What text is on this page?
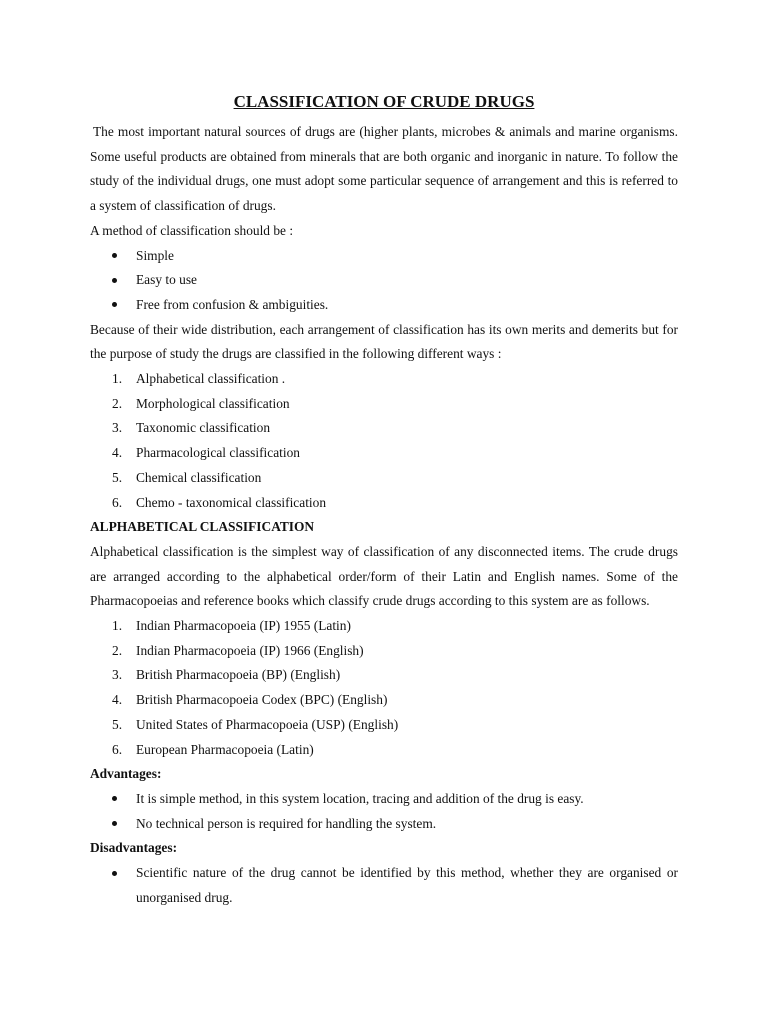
CLASSIFICATION OF CRUDE DRUGS

The most important natural sources of drugs are (higher plants, microbes & animals and marine organisms. Some useful products are obtained from minerals that are both organic and inorganic in nature. To follow the study of the individual drugs, one must adopt some particular sequence of arrangement and this is referred to a system of classification of drugs.

A method of classification should be :

Simple
Easy to use
Free from confusion & ambiguities.

Because of their wide distribution, each arrangement of classification has its own merits and demerits but for the purpose of study the drugs are classified in the following different ways :

1.	Alphabetical classification .
2.	Morphological classification
3.	Taxonomic classification
4.	Pharmacological classification
5.	Chemical classification
6.	Chemo - taxonomical classification

ALPHABETICAL CLASSIFICATION

Alphabetical classification is the simplest way of classification of any disconnected items. The crude drugs are arranged according to the alphabetical order/form of their Latin and English names. Some of the Pharmacopoeias and reference books which classify crude drugs according to this system are as follows.

1.	Indian Pharmacopoeia (IP) 1955 (Latin)
2.	Indian Pharmacopoeia (IP) 1966 (English)
3.	British Pharmacopoeia (BP) (English)
4.	British Pharmacopoeia Codex (BPC) (English)
5.	United States of Pharmacopoeia (USP) (English)
6.	European Pharmacopoeia (Latin)

Advantages:

It is simple method, in this system location, tracing and addition of the drug is easy.
No technical person is required for handling the system.

Disadvantages:

Scientific nature of the drug cannot be identified by this method, whether they are organised or unorganised drug.
